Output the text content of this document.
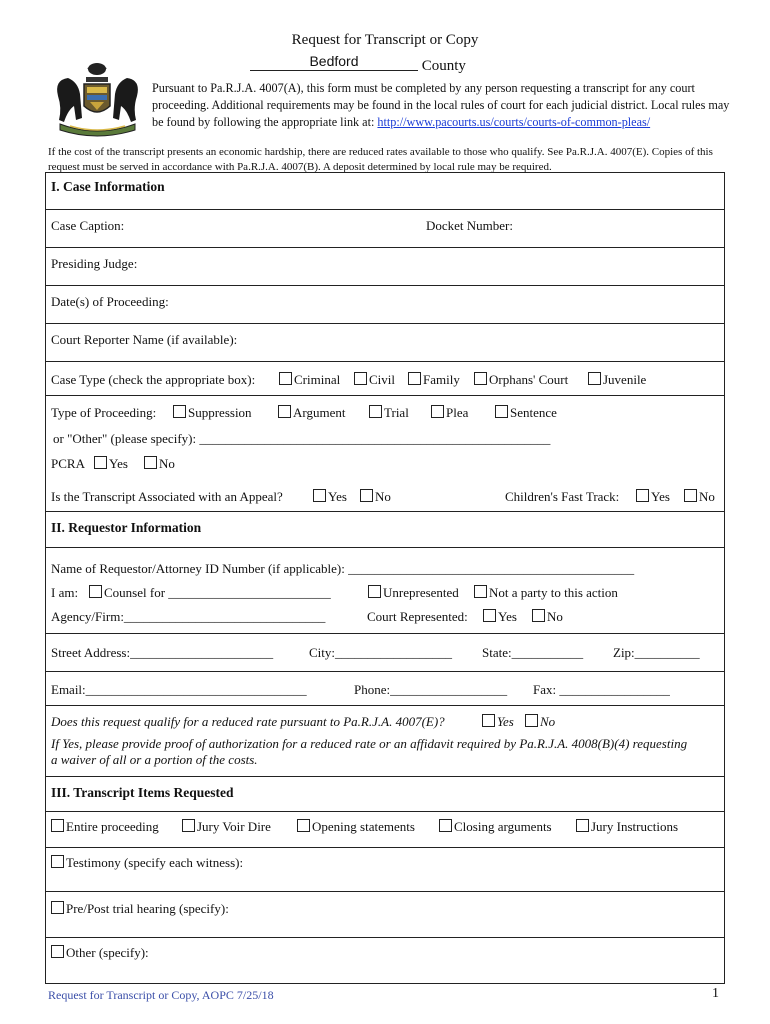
Request for Transcript or Copy
Bedford	County
Pursuant to Pa.R.J.A. 4007(A), this form must be completed by any person requesting a transcript for any court proceeding. Additional requirements may be found in the local rules of court for each judicial district. Local rules may be found by following the appropriate link at: http://www.pacourts.us/courts/courts-of-common-pleas/
If the cost of the transcript presents an economic hardship, there are reduced rates available to those who qualify. See Pa.R.J.A. 4007(E). Copies of this request must be served in accordance with Pa.R.J.A. 4007(B). A deposit determined by local rule may be required.
I. Case Information
Case Caption:	Docket Number:
Presiding Judge:
Date(s) of Proceeding:
Court Reporter Name (if available):
Case Type (check the appropriate box):	Criminal	Civil	Family	Orphans' Court	Juvenile
Type of Proceeding:	Suppression	Argument	Trial	Plea	Sentence
or "Other" (please specify): ______________________________________________________
PCRA	Yes	No
Is the Transcript Associated with an Appeal?	Yes	No	Children's Fast Track:	Yes	No
II. Requestor Information
Name of Requestor/Attorney ID Number (if applicable): ____________________________________________
I am:	Counsel for _________________________	Unrepresented	Not a party to this action
Agency/Firm:_______________________________	Court Represented:	Yes	No
Street Address:______________________	City:__________________ State:___________ Zip:__________
Email:__________________________________	Phone:__________________ Fax: _________________
Does this request qualify for a reduced rate pursuant to Pa.R.J.A. 4007(E)?	Yes	No
If Yes, please provide proof of authorization for a reduced rate or an affidavit required by Pa.R.J.A. 4008(B)(4) requesting a waiver of all or a portion of the costs.
III. Transcript Items Requested
Entire proceeding	Jury Voir Dire	Opening statements	Closing arguments	Jury Instructions
Testimony (specify each witness):
Pre/Post trial hearing (specify):
Other (specify):
Request for Transcript or Copy, AOPC 7/25/18	1
